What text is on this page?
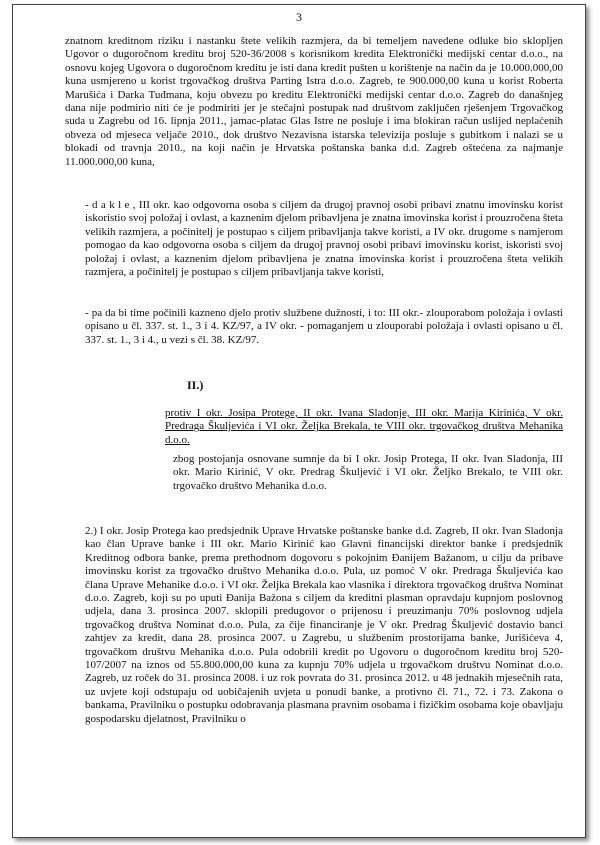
3

znatnom kreditnom riziku i nastanku štete velikih razmjera, da bi temeljem navedene odluke bio sklopljen Ugovor o dugoročnom kreditu broj 520-36/2008 s korisnikom kredita Elektronički medijski centar d.o.o., na osnovu kojeg Ugovora o dugoročnom kreditu je isti dana kredit pušten u korištenje na način da je 10.000.000,00 kuna usmjereno u korist trgovačkog društva Parting Istra d.o.o. Zagreb, te 900.000,00 kuna u korist Roberta Marušića i Darka Tuđmana, koju obvezu po kreditu Elektronički medijski centar d.o.o. Zagreb do današnjeg dana nije podmirio niti će je podmiriti jer je stečajni postupak nad društvom zaključen rješenjem Trgovačkog suda u Zagrebu od 16. lipnja 2011., jamac-platac Glas Istre ne posluje i ima blokiran račun uslijed neplaćenih obveza od mjeseca veljače 2010., dok društvo Nezavisna istarska televizija posluje s gubitkom i nalazi se u blokadi od travnja 2010., na koji način je Hrvatska poštanska banka d.d. Zagreb oštećena za najmanje 11.000.000,00 kuna,

- d a k l e , III okr. kao odgovorna osoba s ciljem da drugoj pravnoj osobi pribavi znatnu imovinsku korist iskoristio svoj položaj i ovlast, a kaznenim djelom pribavljena je znatna imovinska korist i prouzročena šteta velikih razmjera, a počinitelj je postupao s ciljem pribavljanja takve koristi, a IV okr. drugome s namjerom pomogao da kao odgovorna osoba s ciljem da drugoj pravnoj osobi pribavi imovinsku korist, iskoristi svoj položaj i ovlast, a kaznenim djelom pribavljena je znatna imovinska korist i prouzročena šteta velikih razmjera, a počinitelj je postupao s ciljem pribavljanja takve koristi,

- pa da bi time počinili kazneno djelo protiv službene dužnosti, i to: III okr.- zlouporabom položaja i ovlasti opisano u čl. 337. st. 1., 3 i 4. KZ/97, a IV okr. - pomaganjem u zlouporabi položaja i ovlasti opisano u čl. 337. st. 1., 3 i 4., u vezi s čl. 38. KZ/97.

II.)

protiv I okr. Josipa Protege, II okr. Ivana Sladonje, III okr. Marija Kirinića, V okr. Predraga Škuljevića i VI okr. Željka Brekala, te VIII okr. trgovačkog društva Mehanika d.o.o.

zbog postojanja osnovane sumnje da bi I okr. Josip Protega, II okr. Ivan Sladonja, III okr. Mario Kirinić, V okr. Predrag Škuljević i VI okr. Željko Brekalo, te VIII okr. trgovačko društvo Mehanika d.o.o.

2.) I okr. Josip Protega kao predsjednik Uprave Hrvatske poštanske banke d.d. Zagreb, II okr. Ivan Sladonja kao član Uprave banke i III okr. Mario Kirinić kao Glavni financijski direktor banke i predsjednik Kreditnog odbora banke, prema prethodnom dogovoru s pokojnim Đanijem Bažanom, u cilju da pribave imovinsku korist za trgovačko društvo Mehanika d.o.o. Pula, uz pomoć V okr. Predraga Škuljevića kao člana Uprave Mehanike d.o.o. i VI okr. Željka Brekala kao vlasnika i direktora trgovačkog društva Nominat d.o.o. Zagreb, koji su po uputi Đanija Bažona s ciljem da kreditni plasman opravdaju kupnjom poslovnog udjela, dana 3. prosinca 2007. sklopili predugovor o prijenosu i preuzimanju 70% poslovnog udjela trgovačkog društva Nominat d.o.o. Pula, za čije financiranje je V okr. Predrag Škuljević dostavio banci zahtjev za kredit, dana 28. prosinca 2007. u Zagrebu, u službenim prostorijama banke, Jurišićeva 4, trgovačkom društvu Mehanika d.o.o. Pula odobrili kredit po Ugovoru o dugoročnom kreditu broj 520-107/2007 na iznos od 55.800.000,00 kuna za kupnju 70% udjela u trgovačkom društvu Nominat d.o.o. Zagreb, uz roček do 31. prosinca 2008. i uz rok povrata do 31. prosinca 2012. u 48 jednakih mjesečnih rata, uz uvjete koji odstupaju od uobičajenih uvjeta u ponudi banke, a protivno čl. 71., 72. i 73. Zakona o bankama, Pravilniku o postupku odobravanja plasmana pravnim osobama i fizičkim osobama koje obavljaju gospodarsku djelatnost, Pravilniku o
